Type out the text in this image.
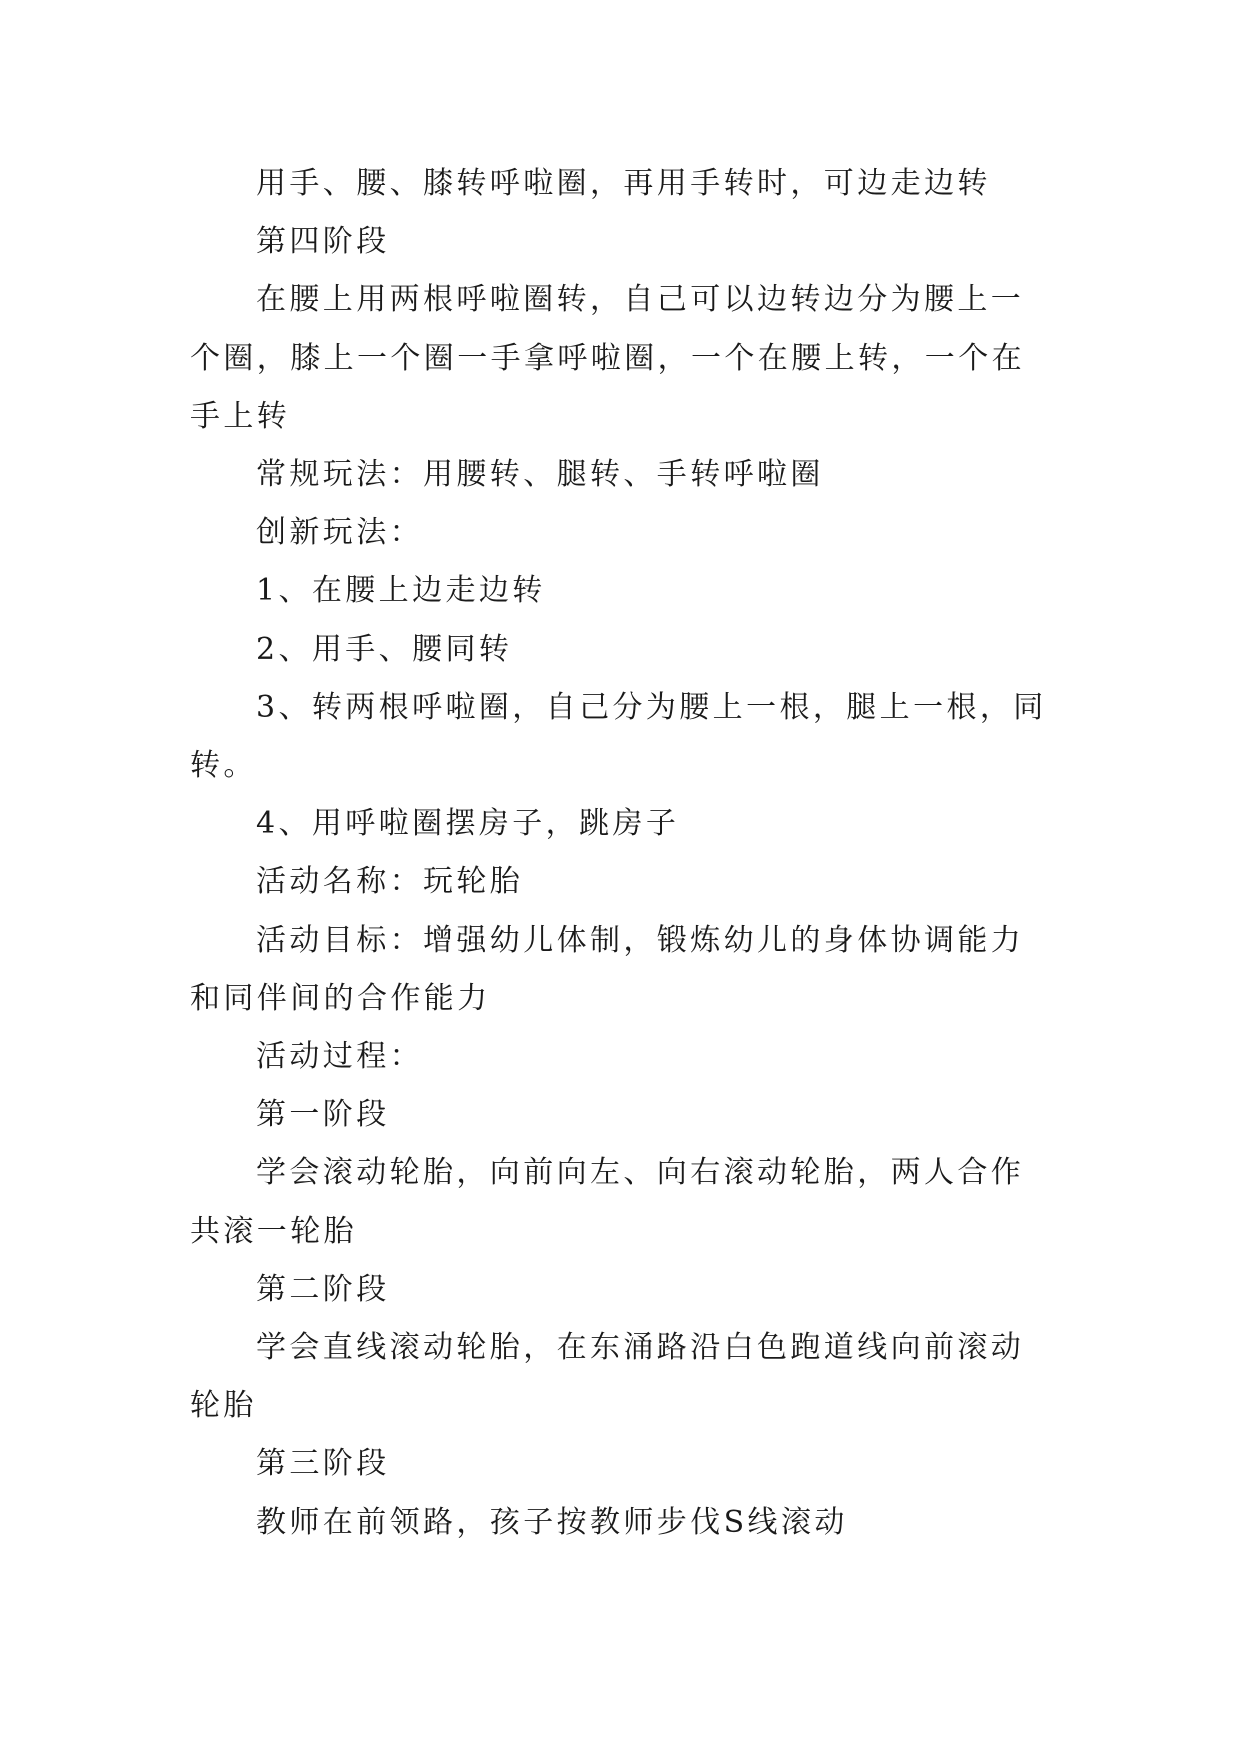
用手、腰、膝转呼啦圈，再用手转时，可边走边转

第四阶段

在腰上用两根呼啦圈转，自己可以边转边分为腰上一个圈，膝上一个圈一手拿呼啦圈，一个在腰上转，一个在手上转

常规玩法：用腰转、腿转、手转呼啦圈

创新玩法：

1、在腰上边走边转

2、用手、腰同转

3、转两根呼啦圈，自己分为腰上一根，腿上一根，同转。

4、用呼啦圈摆房子，跳房子

活动名称：玩轮胎

活动目标：增强幼儿体制，锻炼幼儿的身体协调能力和同伴间的合作能力

活动过程：

第一阶段

学会滚动轮胎，向前向左、向右滚动轮胎，两人合作共滚一轮胎

第二阶段

学会直线滚动轮胎，在东涌路沿白色跑道线向前滚动轮胎

第三阶段

教师在前领路，孩子按教师步伐S线滚动
